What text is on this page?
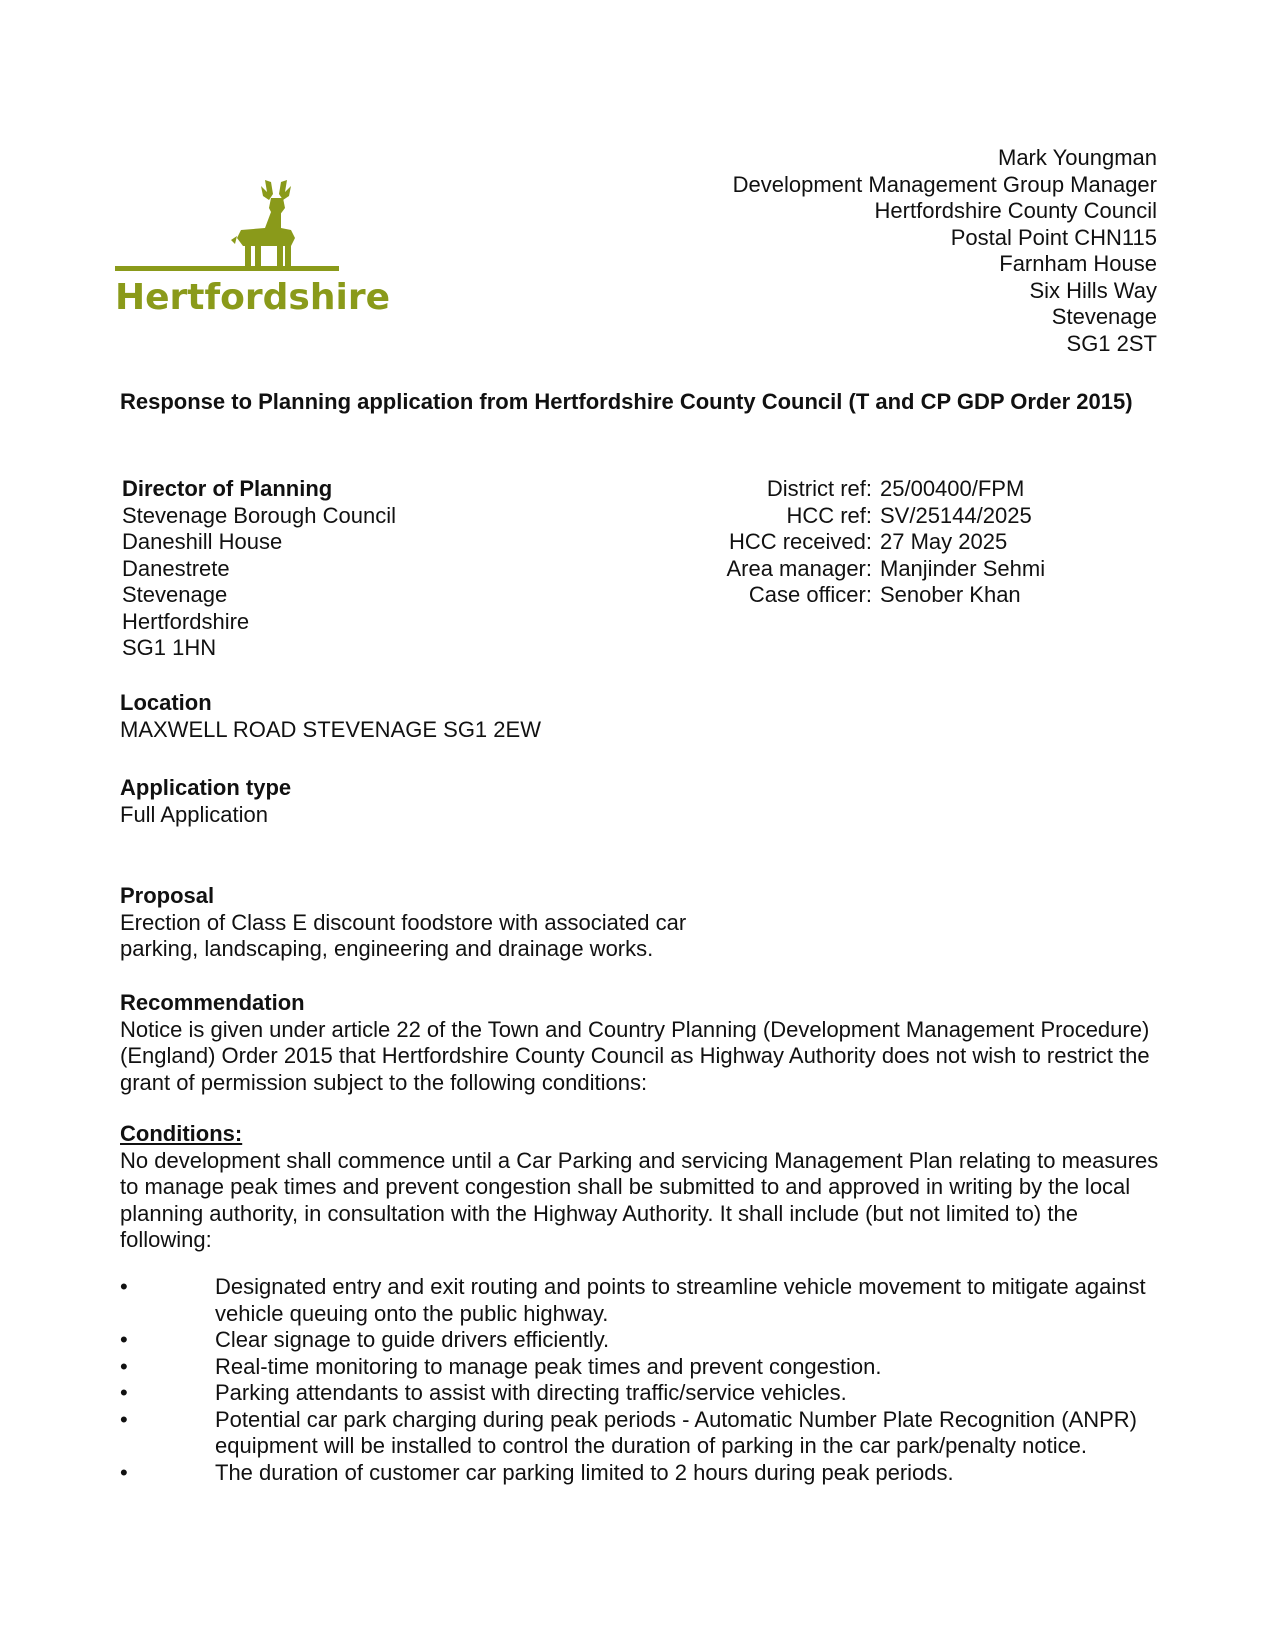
Hertfordshire
Mark Youngman
Development Management Group Manager
Hertfordshire County Council
Postal Point CHN115
Farnham House
Six Hills Way
Stevenage
SG1 2ST
Response to Planning application from Hertfordshire County Council (T and CP GDP Order 2015)
Director of Planning
Stevenage Borough Council
Daneshill House
Danestrete
Stevenage
Hertfordshire
SG1 1HN
District ref: 25/00400/FPM
HCC ref: SV/25144/2025
HCC received: 27 May 2025
Area manager: Manjinder Sehmi
Case officer: Senober Khan
Location
MAXWELL ROAD STEVENAGE SG1 2EW
Application type
Full Application
Proposal
Erection of Class E discount foodstore with associated car parking, landscaping, engineering and drainage works.
Recommendation
Notice is given under article 22 of the Town and Country Planning (Development Management Procedure) (England) Order 2015 that Hertfordshire County Council as Highway Authority does not wish to restrict the grant of permission subject to the following conditions:
Conditions:
No development shall commence until a Car Parking and servicing Management Plan relating to measures to manage peak times and prevent congestion shall be submitted to and approved in writing by the local planning authority, in consultation with the Highway Authority. It shall include (but not limited to) the following:
•	Designated entry and exit routing and points to streamline vehicle movement to mitigate against vehicle queuing onto the public highway.
•	Clear signage to guide drivers efficiently.
•	Real-time monitoring to manage peak times and prevent congestion.
•	Parking attendants to assist with directing traffic/service vehicles.
•	Potential car park charging during peak periods - Automatic Number Plate Recognition (ANPR) equipment will be installed to control the duration of parking in the car park/penalty notice.
•	The duration of customer car parking limited to 2 hours during peak periods.
